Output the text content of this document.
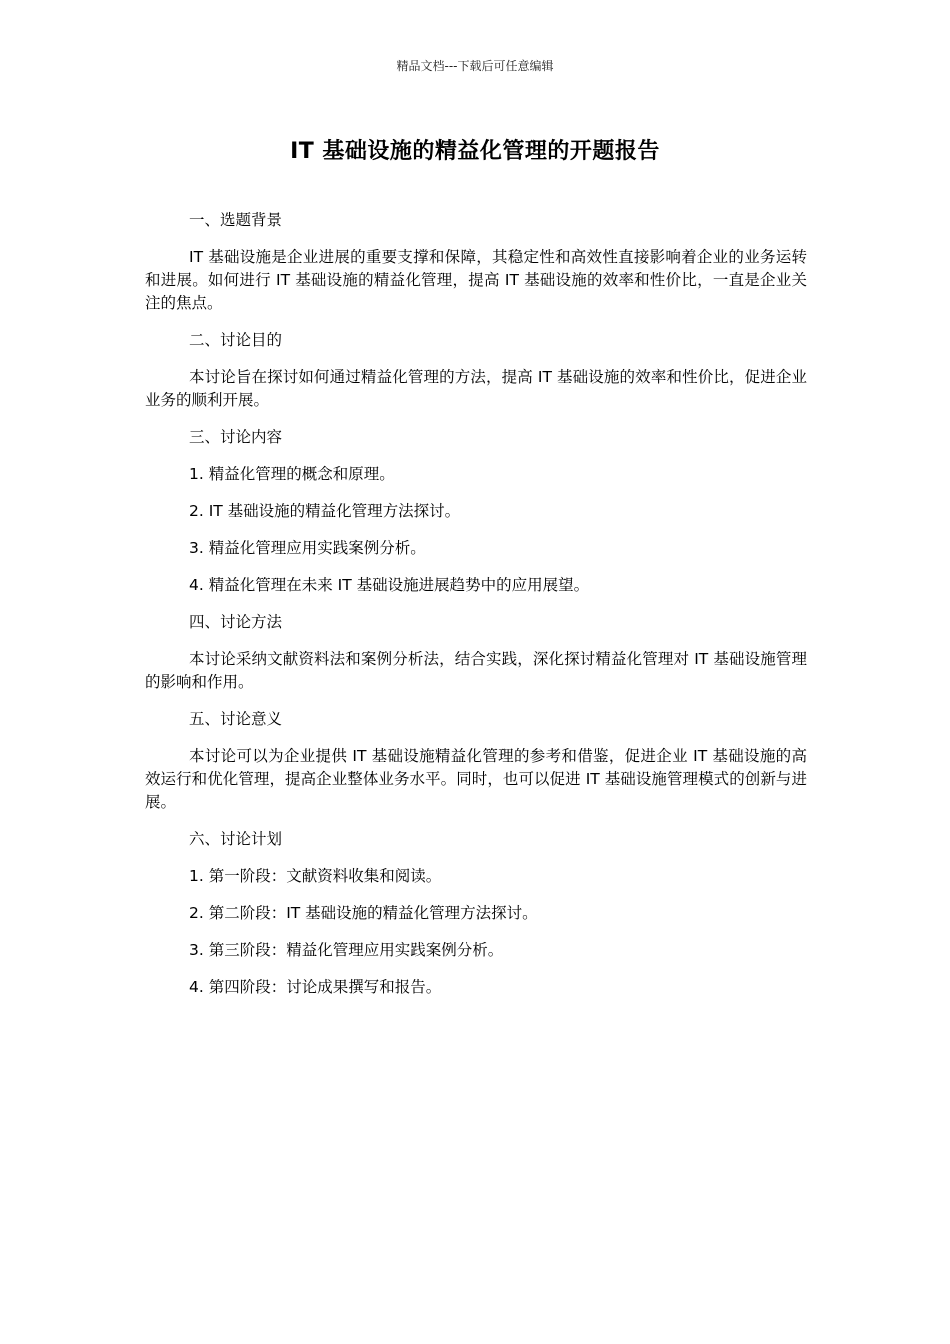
精品文档---下载后可任意编辑
IT 基础设施的精益化管理的开题报告
一、选题背景
IT 基础设施是企业进展的重要支撑和保障，其稳定性和高效性直接影响着企业的业务运转和进展。如何进行 IT 基础设施的精益化管理，提高 IT 基础设施的效率和性价比，一直是企业关注的焦点。
二、讨论目的
本讨论旨在探讨如何通过精益化管理的方法，提高 IT 基础设施的效率和性价比，促进企业业务的顺利开展。
三、讨论内容
1. 精益化管理的概念和原理。
2. IT 基础设施的精益化管理方法探讨。
3. 精益化管理应用实践案例分析。
4. 精益化管理在未来 IT 基础设施进展趋势中的应用展望。
四、讨论方法
本讨论采纳文献资料法和案例分析法，结合实践，深化探讨精益化管理对 IT 基础设施管理的影响和作用。
五、讨论意义
本讨论可以为企业提供 IT 基础设施精益化管理的参考和借鉴，促进企业 IT 基础设施的高效运行和优化管理，提高企业整体业务水平。同时，也可以促进 IT 基础设施管理模式的创新与进展。
六、讨论计划
1. 第一阶段：文献资料收集和阅读。
2. 第二阶段：IT 基础设施的精益化管理方法探讨。
3. 第三阶段：精益化管理应用实践案例分析。
4. 第四阶段：讨论成果撰写和报告。
